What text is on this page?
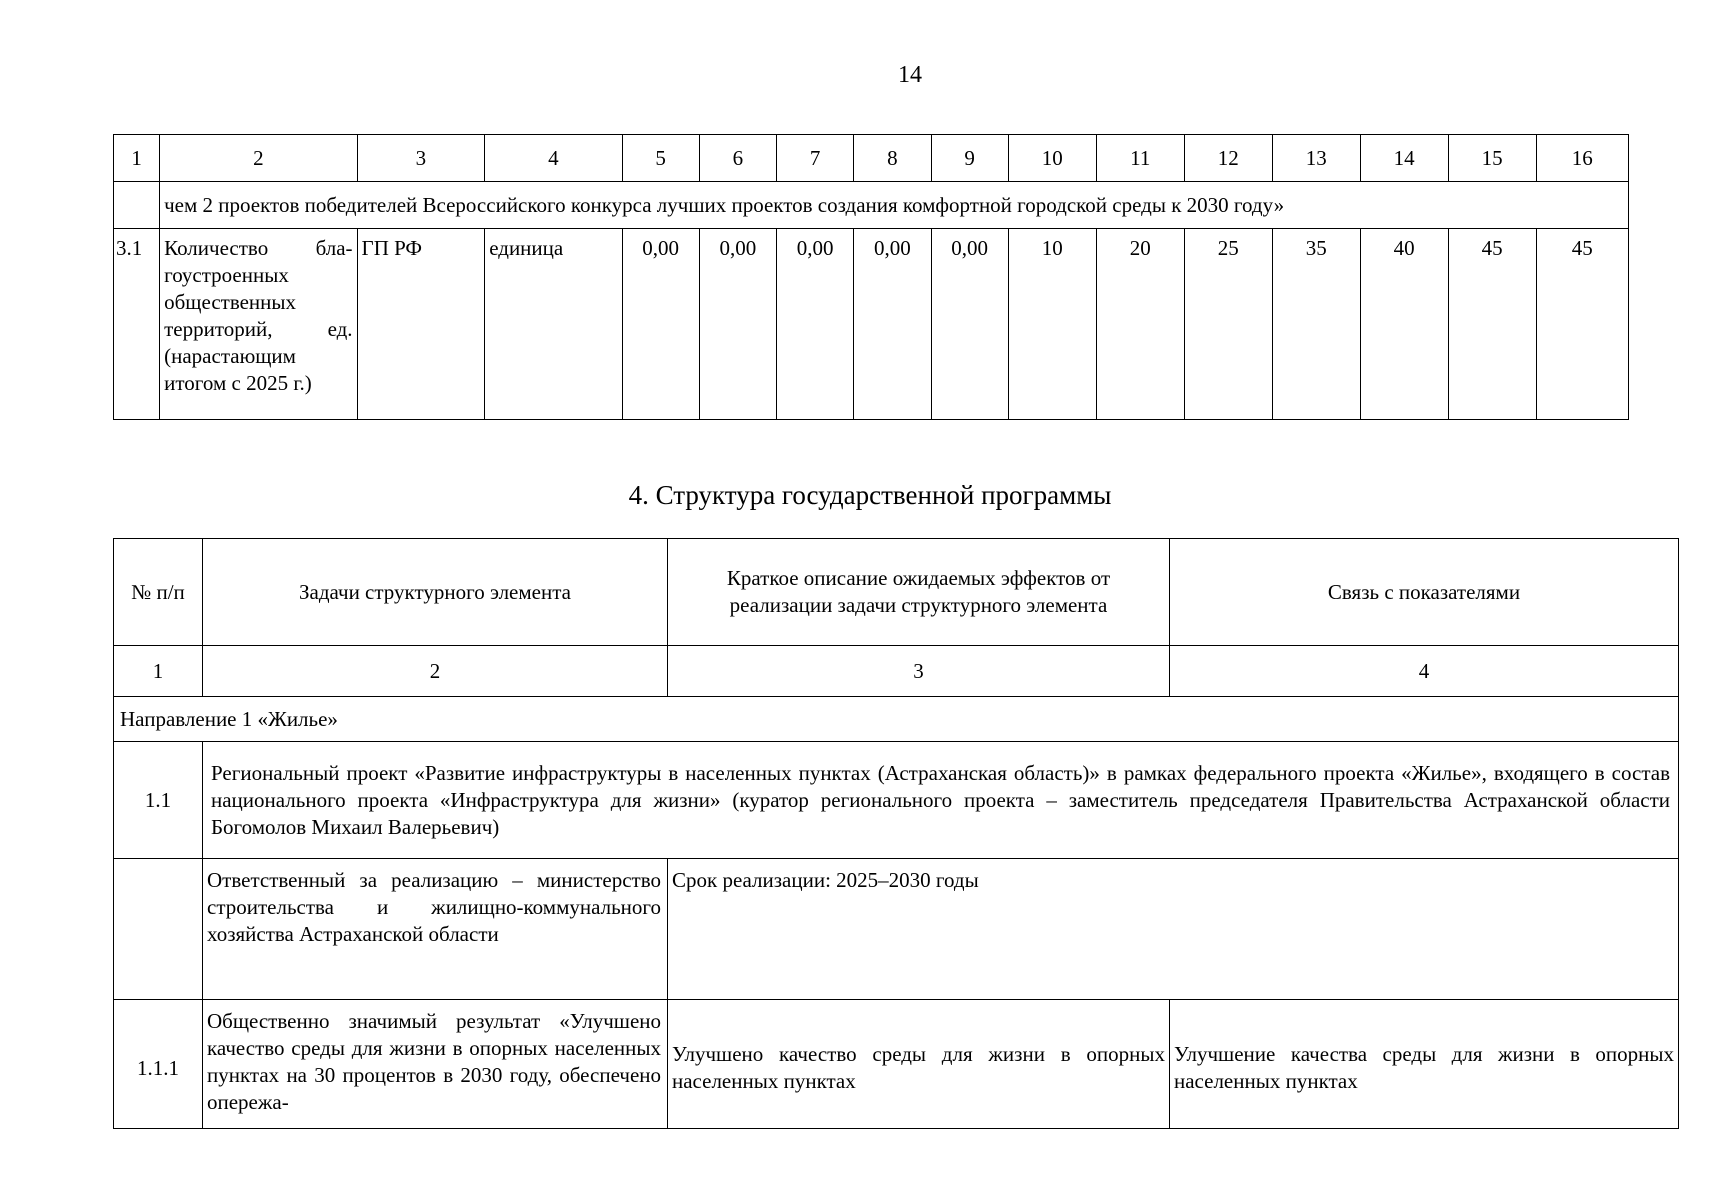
14
1	2	3	4	5	6	7	8	9	10	11	12	13	14	15	16
	чем 2 проектов победителей Всероссийского конкурса лучших проектов создания комфортной городской среды к 2030 году»														
3.1	Количество благоустроенных общественных территорий, ед. (нарастающим итогом с 2025 г.)	ГП РФ	единица	0,00	0,00	0,00	0,00	0,00	10	20	25	35	40	45	45
4. Структура государственной программы
№ п/п	Задачи структурного элемента	Краткое описание ожидаемых эффектов от реализации задачи структурного элемента	Связь с показателями
1	2	3	4
Направление 1 «Жилье»			
1.1	Региональный проект «Развитие инфраструктуры в населенных пунктах (Астраханская область)» в рамках федерального проекта «Жилье», входящего в состав национального проекта «Инфраструктура для жизни» (куратор регионального проекта – заместитель председателя Правительства Астраханской области Богомолов Михаил Валерьевич)		
	Ответственный за реализацию – министерство строительства и жилищно-коммунального хозяйства Астраханской области	Срок реализации: 2025–2030 годы	
1.1.1	Общественно значимый результат «Улучшено качество среды для жизни в опорных населенных пунктах на 30 процентов в 2030 году, обеспечено опережа-	Улучшено качество среды для жизни в опорных населенных пунктах	Улучшение качества среды для жизни в опорных населенных пунктах
